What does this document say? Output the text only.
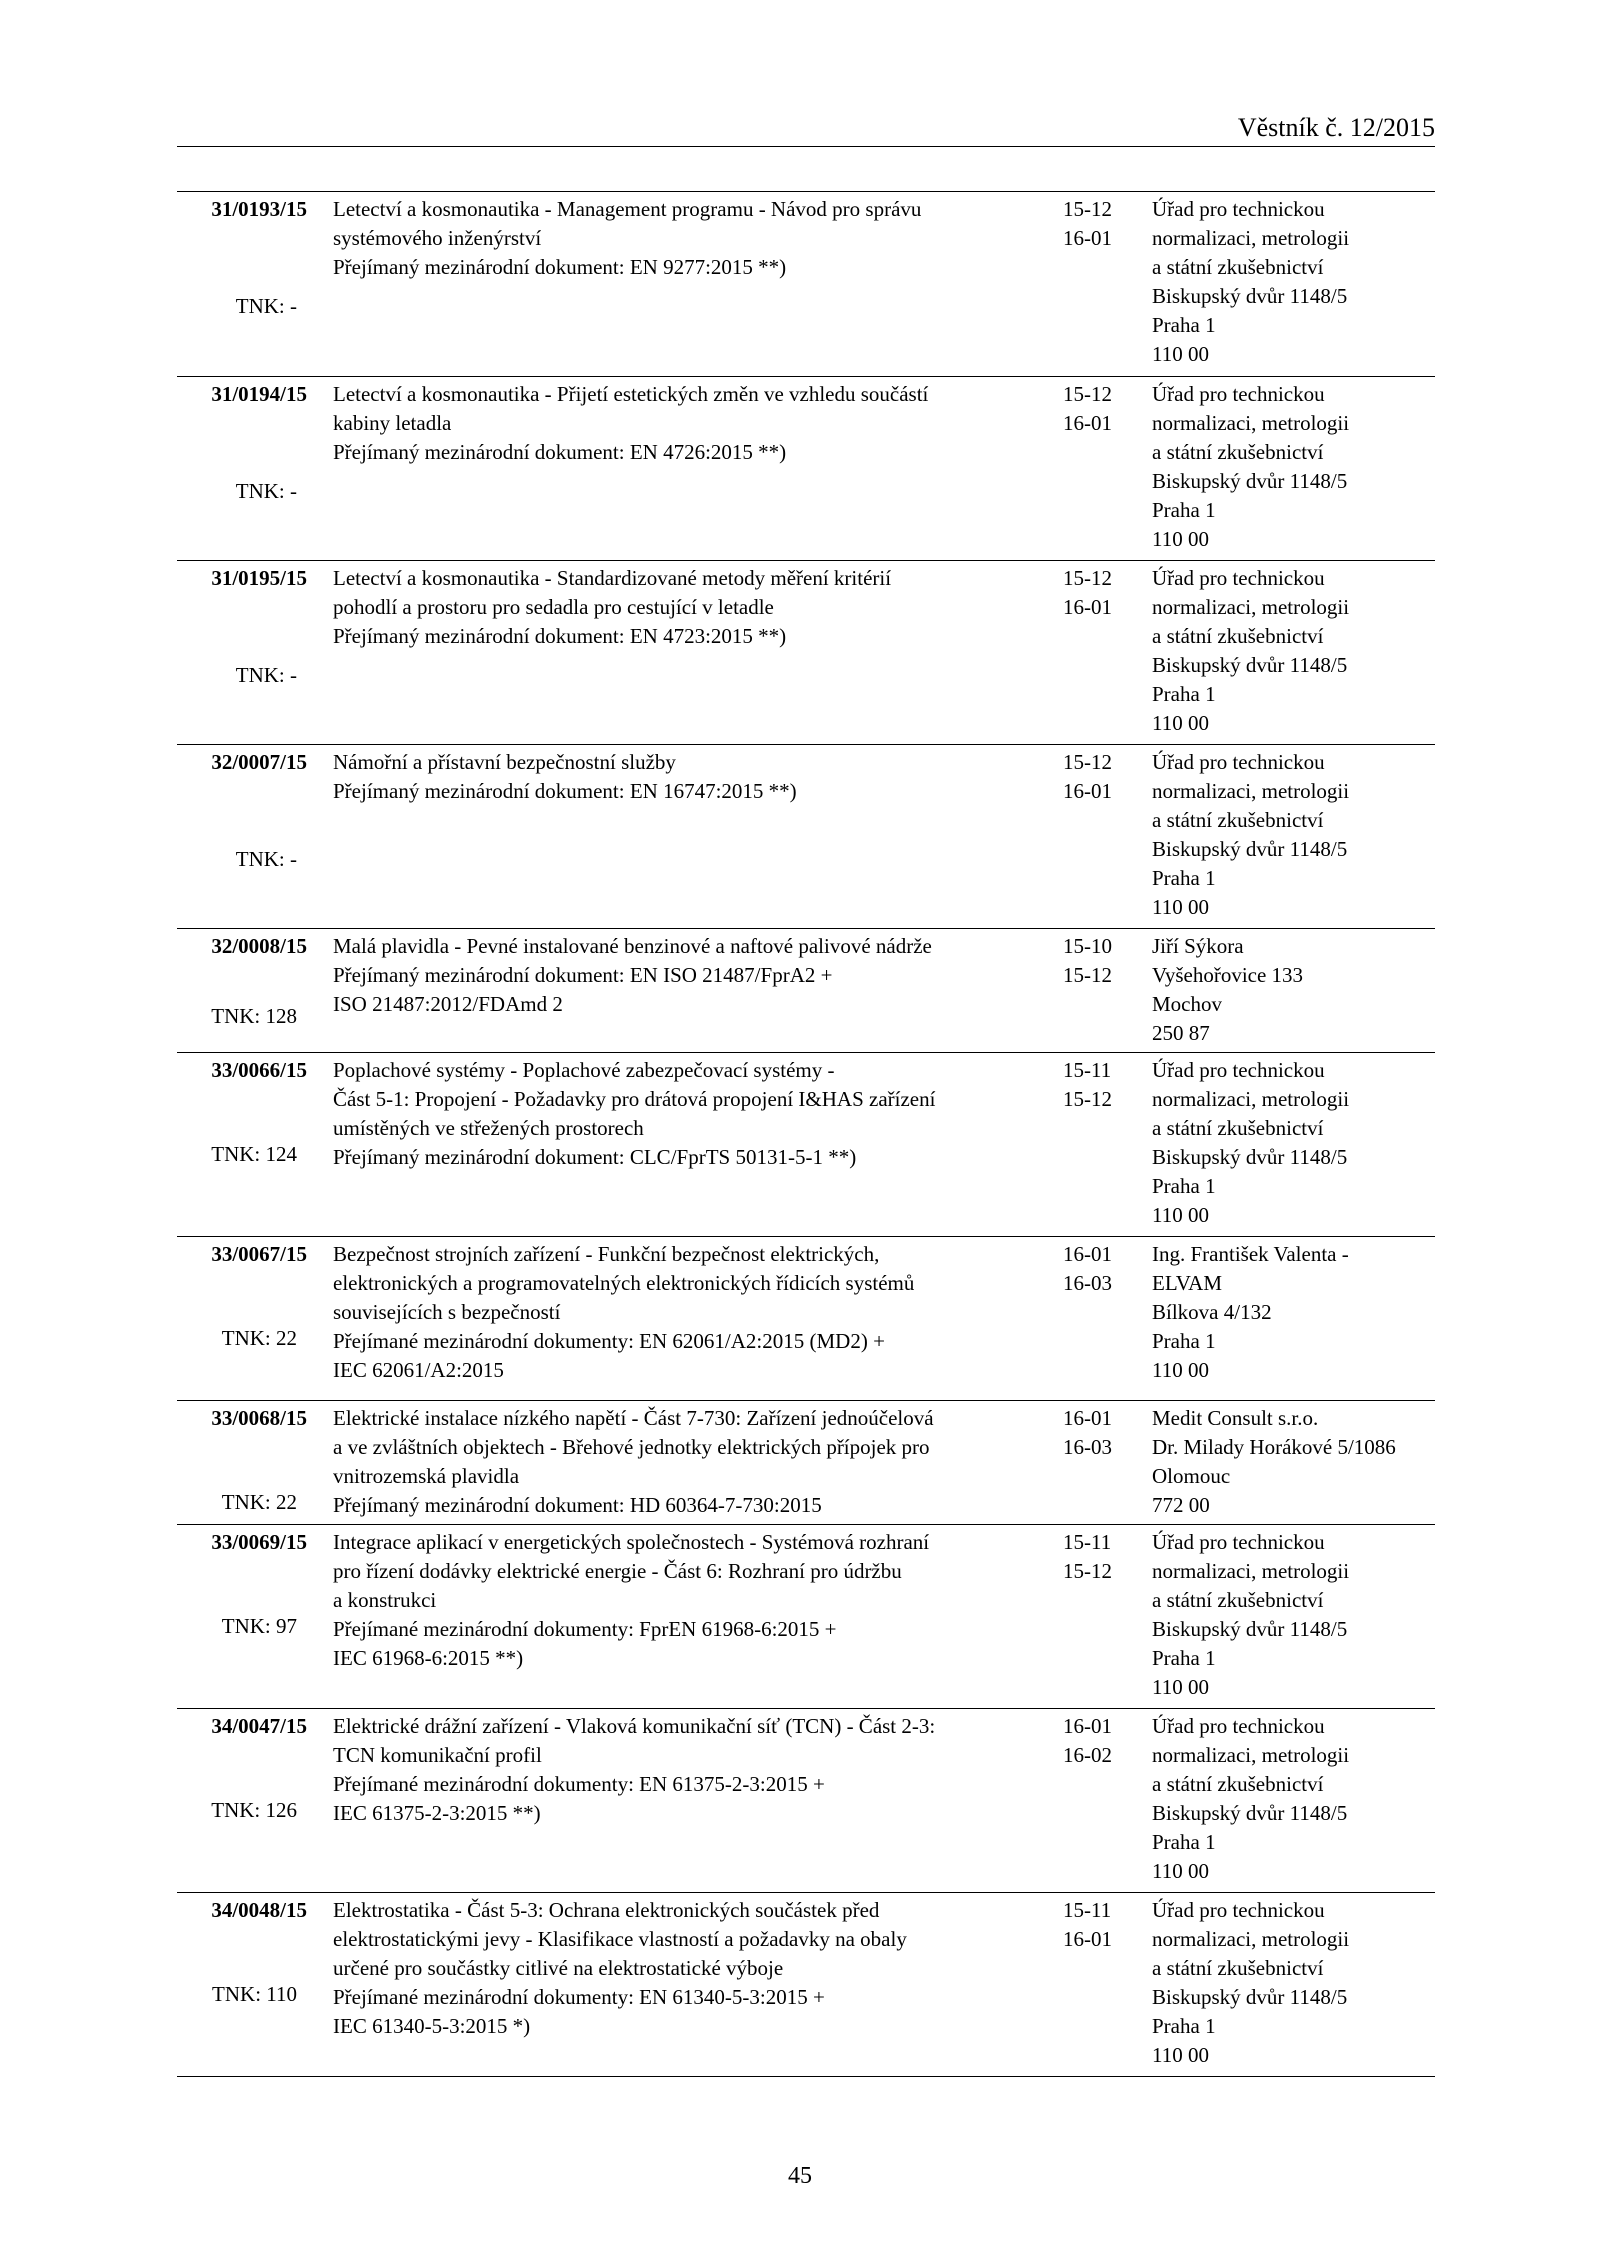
Věstník č. 12/2015
31/0193/15
TNK: -
Letectví a kosmonautika - Management programu - Návod pro správu
systémového inženýrství
Přejímaný mezinárodní dokument: EN 9277:2015 **)
15-12
16-01
Úřad pro technickou
normalizaci, metrologii
a státní zkušebnictví
Biskupský dvůr 1148/5
Praha 1
110 00
31/0194/15
TNK: -
Letectví a kosmonautika - Přijetí estetických změn ve vzhledu součástí
kabiny letadla
Přejímaný mezinárodní dokument: EN 4726:2015 **)
15-12
16-01
Úřad pro technickou
normalizaci, metrologii
a státní zkušebnictví
Biskupský dvůr 1148/5
Praha 1
110 00
31/0195/15
TNK: -
Letectví a kosmonautika - Standardizované metody měření kritérií
pohodlí a prostoru pro sedadla pro cestující v letadle
Přejímaný mezinárodní dokument: EN 4723:2015 **)
15-12
16-01
Úřad pro technickou
normalizaci, metrologii
a státní zkušebnictví
Biskupský dvůr 1148/5
Praha 1
110 00
32/0007/15
TNK: -
Námořní a přístavní bezpečnostní služby
Přejímaný mezinárodní dokument: EN 16747:2015 **)
15-12
16-01
Úřad pro technickou
normalizaci, metrologii
a státní zkušebnictví
Biskupský dvůr 1148/5
Praha 1
110 00
32/0008/15
TNK: 128
Malá plavidla - Pevné instalované benzinové a naftové palivové nádrže
Přejímaný mezinárodní dokument: EN ISO 21487/FprA2 +
ISO 21487:2012/FDAmd 2
15-10
15-12
Jiří Sýkora
Vyšehořovice 133
Mochov
250 87
33/0066/15
TNK: 124
Poplachové systémy - Poplachové zabezpečovací systémy -
Část 5-1: Propojení - Požadavky pro drátová propojení I&HAS zařízení
umístěných ve střežených prostorech
Přejímaný mezinárodní dokument: CLC/FprTS 50131-5-1 **)
15-11
15-12
Úřad pro technickou
normalizaci, metrologii
a státní zkušebnictví
Biskupský dvůr 1148/5
Praha 1
110 00
33/0067/15
TNK: 22
Bezpečnost strojních zařízení - Funkční bezpečnost elektrických,
elektronických a programovatelných elektronických řídicích systémů
souvisejících s bezpečností
Přejímané mezinárodní dokumenty: EN 62061/A2:2015 (MD2) +
IEC 62061/A2:2015
16-01
16-03
Ing. František Valenta -
ELVAM
Bílkova 4/132
Praha 1
110 00
33/0068/15
TNK: 22
Elektrické instalace nízkého napětí - Část 7-730: Zařízení jednoúčelová
a ve zvláštních objektech - Břehové jednotky elektrických přípojek pro
vnitrozemská plavidla
Přejímaný mezinárodní dokument: HD 60364-7-730:2015
16-01
16-03
Medit Consult s.r.o.
Dr. Milady Horákové 5/1086
Olomouc
772 00
33/0069/15
TNK: 97
Integrace aplikací v energetických společnostech - Systémová rozhraní
pro řízení dodávky elektrické energie - Část 6: Rozhraní pro údržbu
a konstrukci
Přejímané mezinárodní dokumenty: FprEN 61968-6:2015 +
IEC 61968-6:2015 **)
15-11
15-12
Úřad pro technickou
normalizaci, metrologii
a státní zkušebnictví
Biskupský dvůr 1148/5
Praha 1
110 00
34/0047/15
TNK: 126
Elektrické drážní zařízení - Vlaková komunikační síť (TCN) - Část 2-3:
TCN komunikační profil
Přejímané mezinárodní dokumenty: EN 61375-2-3:2015 +
IEC 61375-2-3:2015 **)
16-01
16-02
Úřad pro technickou
normalizaci, metrologii
a státní zkušebnictví
Biskupský dvůr 1148/5
Praha 1
110 00
34/0048/15
TNK: 110
Elektrostatika - Část 5-3: Ochrana elektronických součástek před
elektrostatickými jevy - Klasifikace vlastností a požadavky na obaly
určené pro součástky citlivé na elektrostatické výboje
Přejímané mezinárodní dokumenty: EN 61340-5-3:2015 +
IEC 61340-5-3:2015 *)
15-11
16-01
Úřad pro technickou
normalizaci, metrologii
a státní zkušebnictví
Biskupský dvůr 1148/5
Praha 1
110 00
45
